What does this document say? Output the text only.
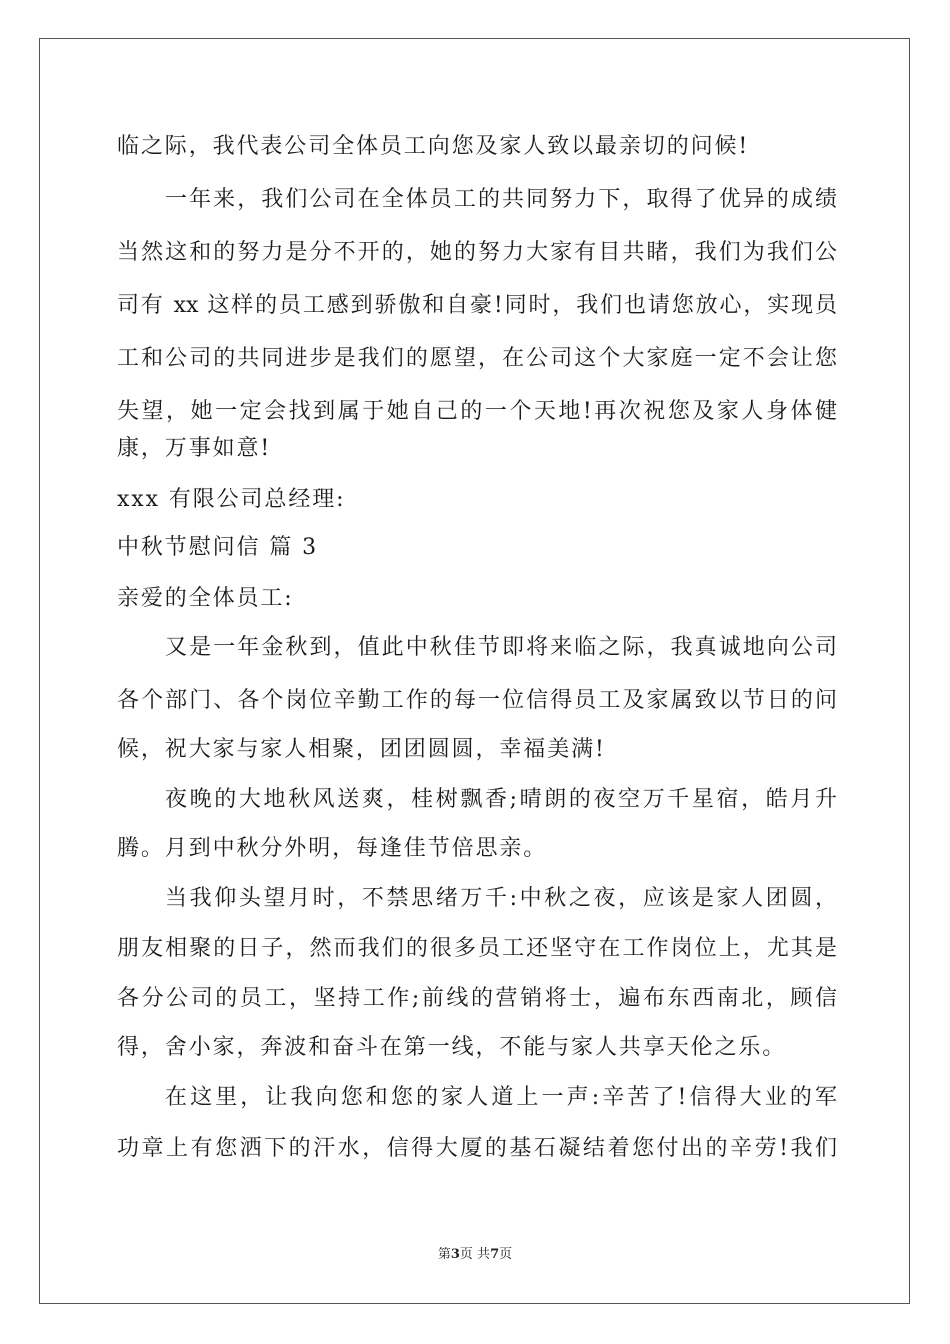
临之际，我代表公司全体员工向您及家人致以最亲切的问候!
一年来，我们公司在全体员工的共同努力下，取得了优异的成绩
当然这和的努力是分不开的，她的努力大家有目共睹，我们为我们公
司有 xx 这样的员工感到骄傲和自豪!同时，我们也请您放心，实现员
工和公司的共同进步是我们的愿望，在公司这个大家庭一定不会让您
失望，她一定会找到属于她自己的一个天地!再次祝您及家人身体健
康，万事如意!
xxx 有限公司总经理:
中秋节慰问信 篇 3
亲爱的全体员工:
又是一年金秋到，值此中秋佳节即将来临之际，我真诚地向公司
各个部门、各个岗位辛勤工作的每一位信得员工及家属致以节日的问
候，祝大家与家人相聚，团团圆圆，幸福美满!
夜晚的大地秋风送爽，桂树飘香;晴朗的夜空万千星宿，皓月升
腾。月到中秋分外明，每逢佳节倍思亲。
当我仰头望月时，不禁思绪万千:中秋之夜，应该是家人团圆，
朋友相聚的日子，然而我们的很多员工还坚守在工作岗位上，尤其是
各分公司的员工，坚持工作;前线的营销将士，遍布东西南北，顾信
得，舍小家，奔波和奋斗在第一线，不能与家人共享天伦之乐。
在这里，让我向您和您的家人道上一声:辛苦了!信得大业的军
功章上有您洒下的汗水，信得大厦的基石凝结着您付出的辛劳!我们
第3页 共7页
